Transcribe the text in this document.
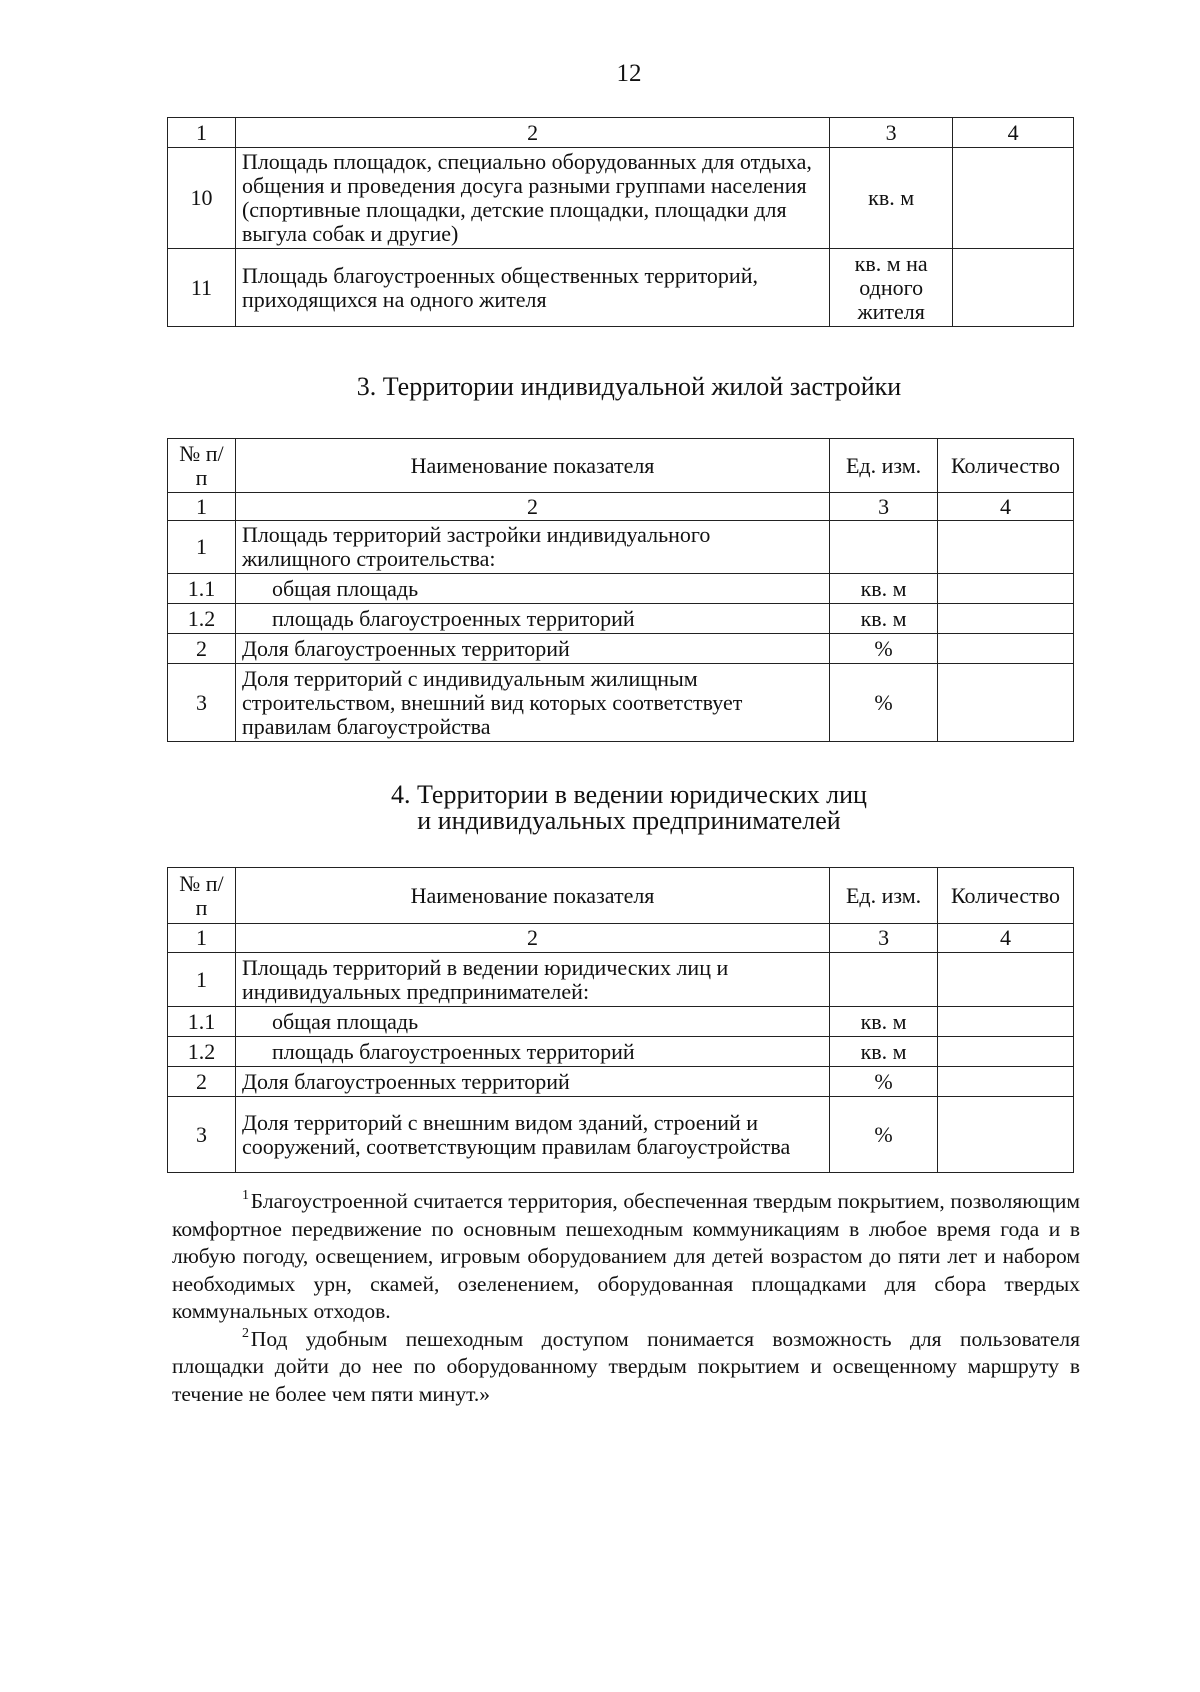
12
1	2	3	4
10	Площадь площадок, специально оборудованных для отдыха, общения и проведения досуга разными группами населения (спортивные площадки, детские площадки, площадки для выгула собак и другие)	кв. м	
11	Площадь благоустроенных общественных территорий, приходящихся на одного жителя	кв. м на одного жителя	
3. Территории индивидуальной жилой застройки
№ п/п	Наименование показателя	Ед. изм.	Количество
1	2	3	4
1	Площадь территорий застройки индивидуального жилищного строительства:		
1.1	общая площадь	кв. м	
1.2	площадь благоустроенных территорий	кв. м	
2	Доля благоустроенных территорий	%	
3	Доля территорий с индивидуальным жилищным строительством, внешний вид которых соответствует правилам благоустройства	%	
4. Территории в ведении юридических лиц
и индивидуальных предпринимателей
№ п/п	Наименование показателя	Ед. изм.	Количество
1	2	3	4
1	Площадь территорий в ведении юридических лиц и индивидуальных предпринимателей:		
1.1	общая площадь	кв. м	
1.2	площадь благоустроенных территорий	кв. м	
2	Доля благоустроенных территорий	%	
3	Доля территорий с внешним видом зданий, строений и сооружений, соответствующим правилам благоустройства	%	

$^1$ Благоустроенной считается территория, обеспеченная твердым покрытием, позволяющим комфортное передвижение по основным пешеходным коммуникациям в любое время года и в любую погоду, освещением, игровым оборудованием для детей возрастом до пяти лет и набором необходимых урн, скамей, озеленением, оборудованная площадками для сбора твердых коммунальных отходов.

$^2$ Под удобным пешеходным доступом понимается возможность для пользователя площадки дойти до нее по оборудованному твердым покрытием и освещенному маршруту в течение не более чем пяти минут.»
